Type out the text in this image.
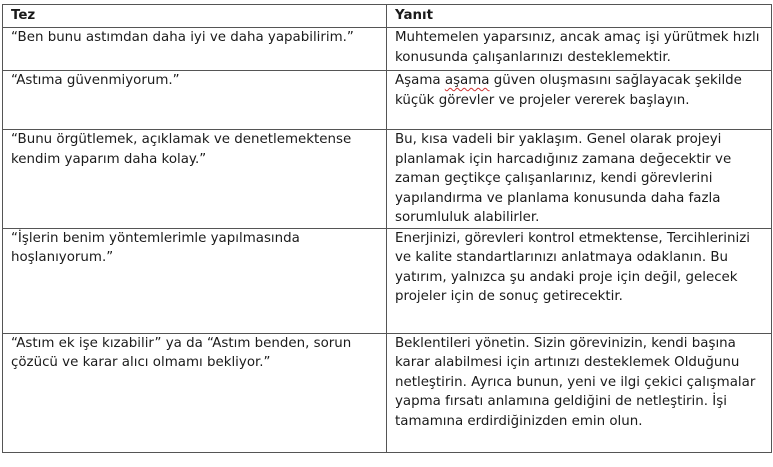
Tez	Yanıt
“Ben bunu astımdan daha iyi ve daha yapabilirim.”	Muhtemelen yaparsınız, ancak amaç işi yürütmek hızlı konusunda çalışanlarınızı desteklemektir.
“Astıma güvenmiyorum.”	Aşama aşama güven oluşmasını sağlayacak şekilde küçük görevler ve projeler vererek başlayın.
“Bunu örgütlemek, açıklamak ve denetlemektense kendim yaparım daha kolay.”	Bu, kısa vadeli bir yaklaşım. Genel olarak projeyi planlamak için harcadığınız zamana değecektir ve zaman geçtikçe çalışanlarınız, kendi görevlerini yapılandırma ve planlama konusunda daha fazla sorumluluk alabilirler.
“İşlerin benim yöntemlerimle yapılmasında hoşlanıyorum.”	Enerjinizi, görevleri kontrol etmektense, Tercihlerinizi ve kalite standartlarınızı anlatmaya odaklanın. Bu yatırım, yalnızca şu andaki proje için değil, gelecek projeler için de sonuç getirecektir.
“Astım ek işe kızabilir” ya da “Astım benden, sorun çözücü ve karar alıcı olmamı bekliyor.”	Beklentileri yönetin. Sizin görevinizin, kendi başına karar alabilmesi için artınızı desteklemek Olduğunu netleştirin. Ayrıca bunun, yeni ve ilgi çekici çalışmalar yapma fırsatı anlamına geldiğini de netleştirin. İşi tamamına erdirdiğinizden emin olun.
